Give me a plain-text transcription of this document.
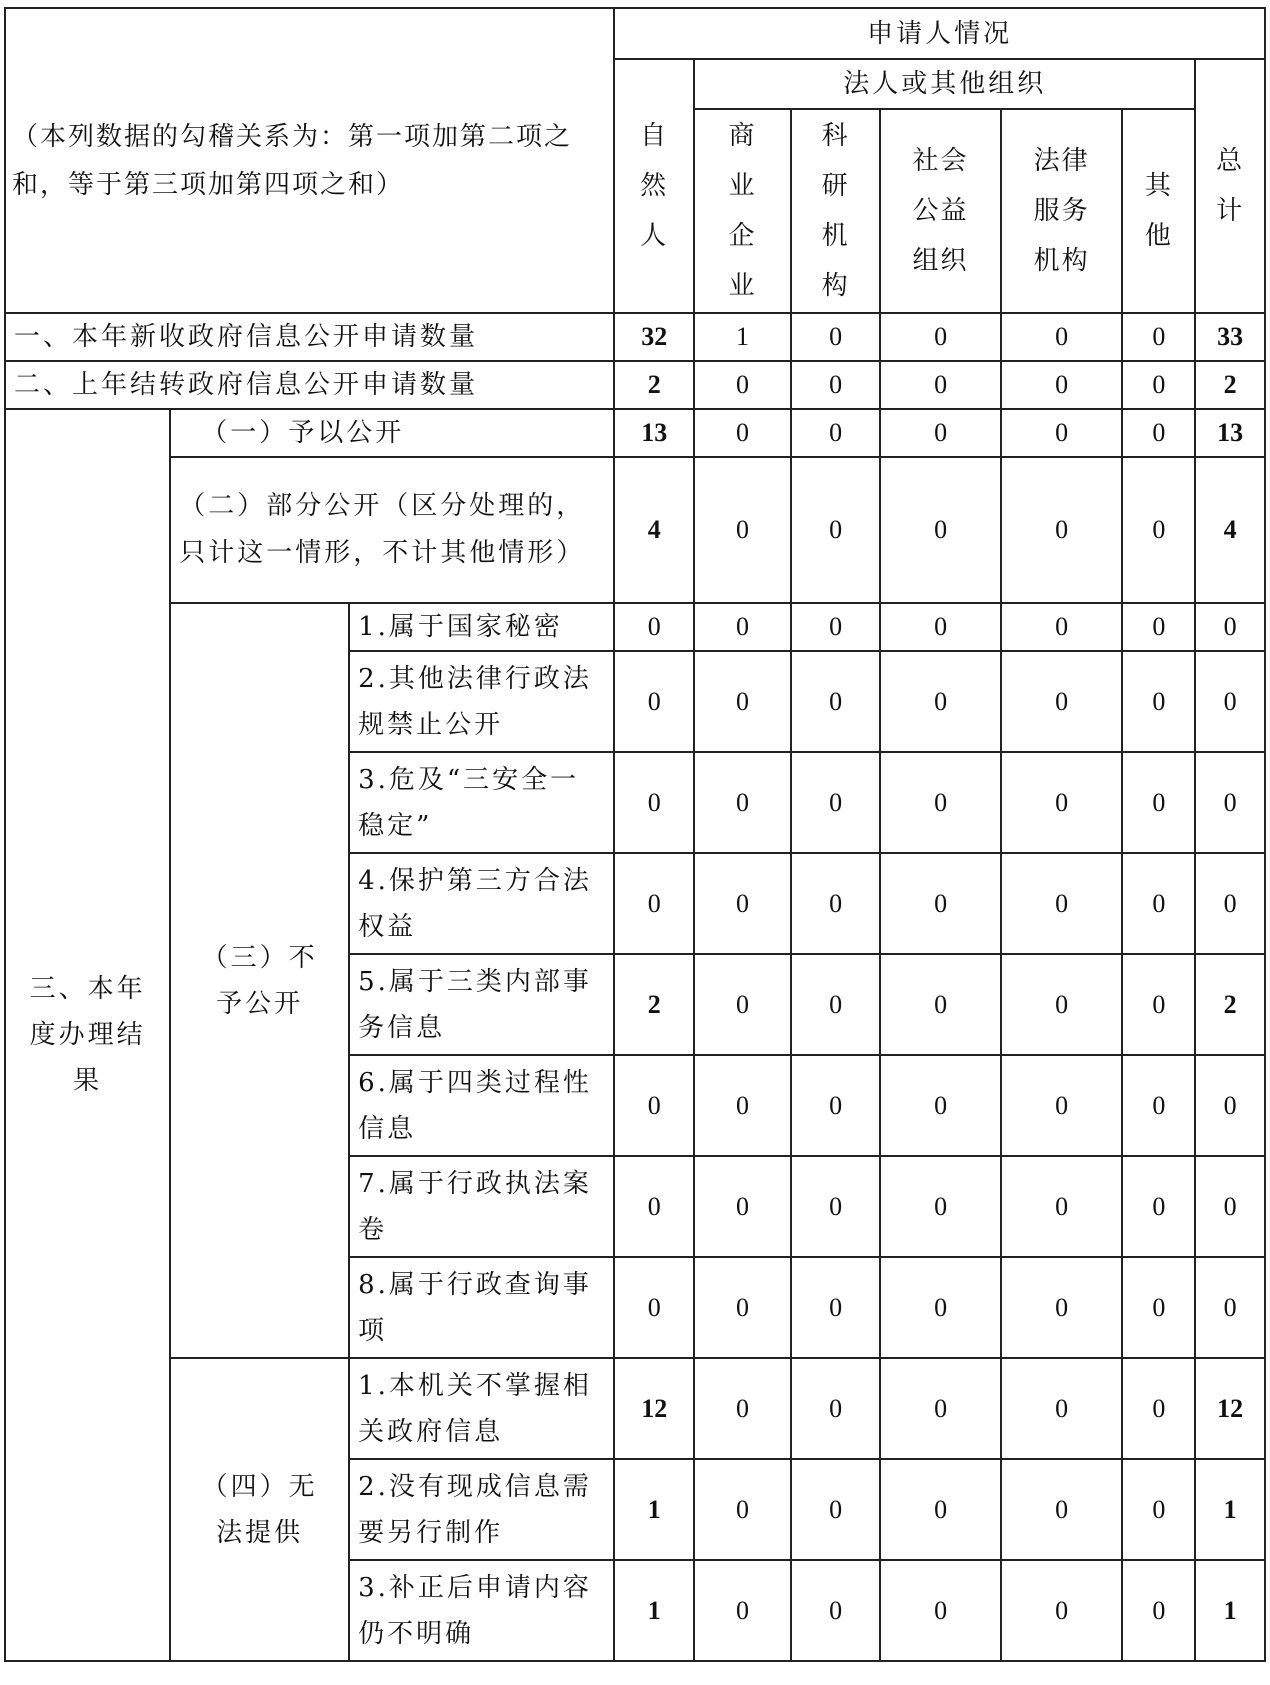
（本列数据的勾稽关系为：第一项加第二项之和，等于第三项加第四项之和）			申请人情况						
			自然人	法人或其他组织					总计
				商业企业	科研机构	社会公益组织	法律服务机构	其他	
一、本年新收政府信息公开申请数量			32	1	0	0	0	0	33
二、上年结转政府信息公开申请数量			2	0	0	0	0	0	2
三、本年度办理结果	（一）予以公开		13	0	0	0	0	0	13
	（二）部分公开（区分处理的，只计这一情形，不计其他情形）		4	0	0	0	0	0	4
	（三）不予公开	1.属于国家秘密	0	0	0	0	0	0	0
		2.其他法律行政法规禁止公开	0	0	0	0	0	0	0
		3.危及“三安全一稳定”	0	0	0	0	0	0	0
		4.保护第三方合法权益	0	0	0	0	0	0	0
		5.属于三类内部事务信息	2	0	0	0	0	0	2
		6.属于四类过程性信息	0	0	0	0	0	0	0
		7.属于行政执法案卷	0	0	0	0	0	0	0
		8.属于行政查询事项	0	0	0	0	0	0	0
	（四）无法提供	1.本机关不掌握相关政府信息	12	0	0	0	0	0	12
		2.没有现成信息需要另行制作	1	0	0	0	0	0	1
		3.补正后申请内容仍不明确	1	0	0	0	0	0	1
